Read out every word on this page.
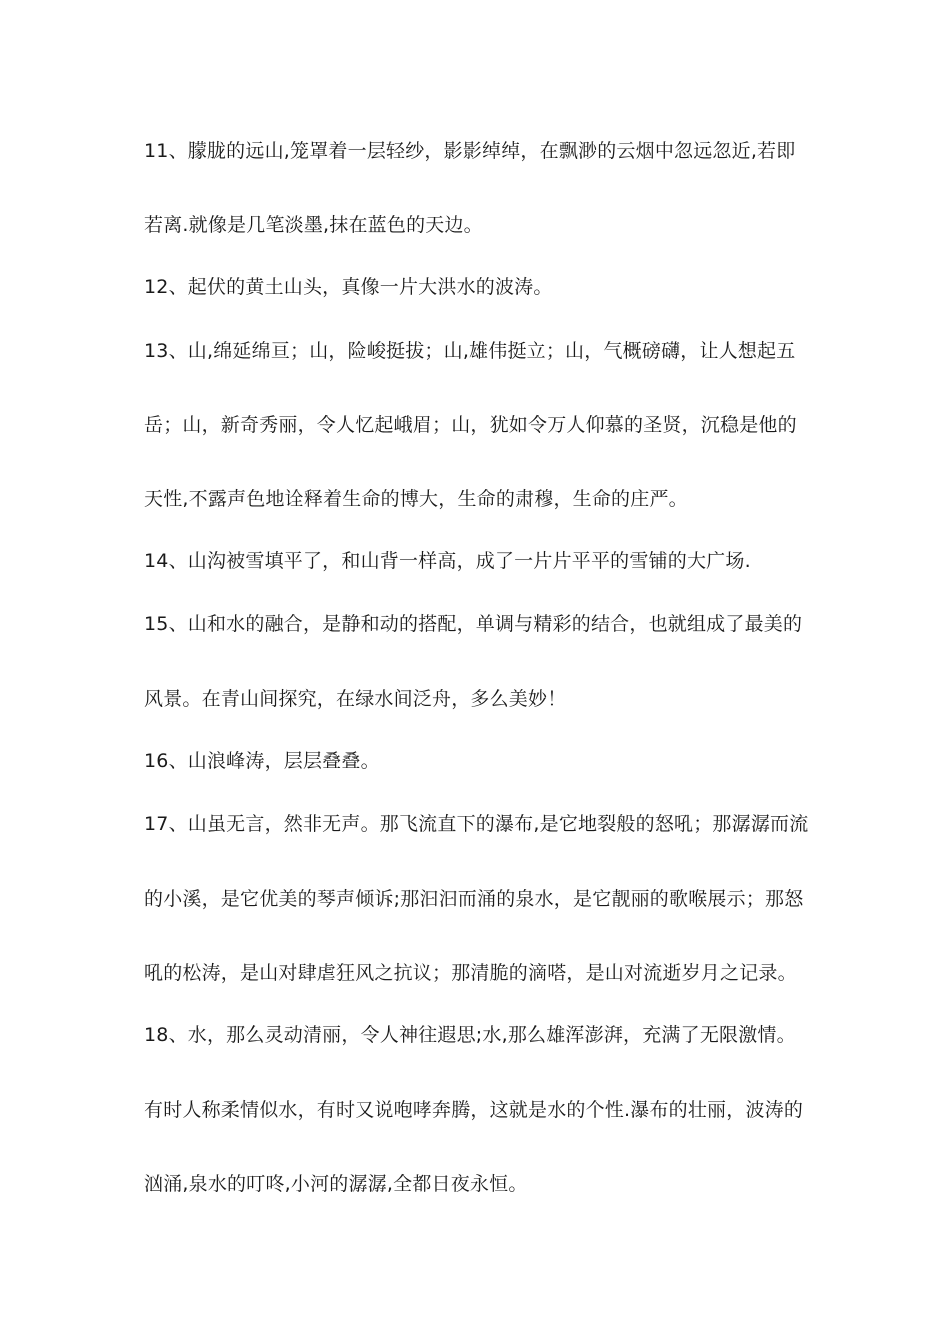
11、朦胧的远山,笼罩着一层轻纱，影影绰绰，在飘渺的云烟中忽远忽近,若即
若离.就像是几笔淡墨,抹在蓝色的天边。
12、起伏的黄土山头，真像一片大洪水的波涛。
13、山,绵延绵亘；山，险峻挺拔；山,雄伟挺立；山，气概磅礴，让人想起五
岳；山，新奇秀丽，令人忆起峨眉；山，犹如令万人仰慕的圣贤，沉稳是他的
天性,不露声色地诠释着生命的博大，生命的肃穆，生命的庄严。
14、山沟被雪填平了，和山背一样高，成了一片片平平的雪铺的大广场.
15、山和水的融合，是静和动的搭配，单调与精彩的结合，也就组成了最美的
风景。在青山间探究，在绿水间泛舟，多么美妙！
16、山浪峰涛，层层叠叠。
17、山虽无言，然非无声。那飞流直下的瀑布,是它地裂般的怒吼；那潺潺而流
的小溪，是它优美的琴声倾诉;那汩汩而涌的泉水，是它靓丽的歌喉展示；那怒
吼的松涛，是山对肆虐狂风之抗议；那清脆的滴嗒，是山对流逝岁月之记录。
18、水，那么灵动清丽，令人神往遐思;水,那么雄浑澎湃，充满了无限激情。
有时人称柔情似水，有时又说咆哮奔腾，这就是水的个性.瀑布的壮丽，波涛的
汹涌,泉水的叮咚,小河的潺潺,全都日夜永恒。
